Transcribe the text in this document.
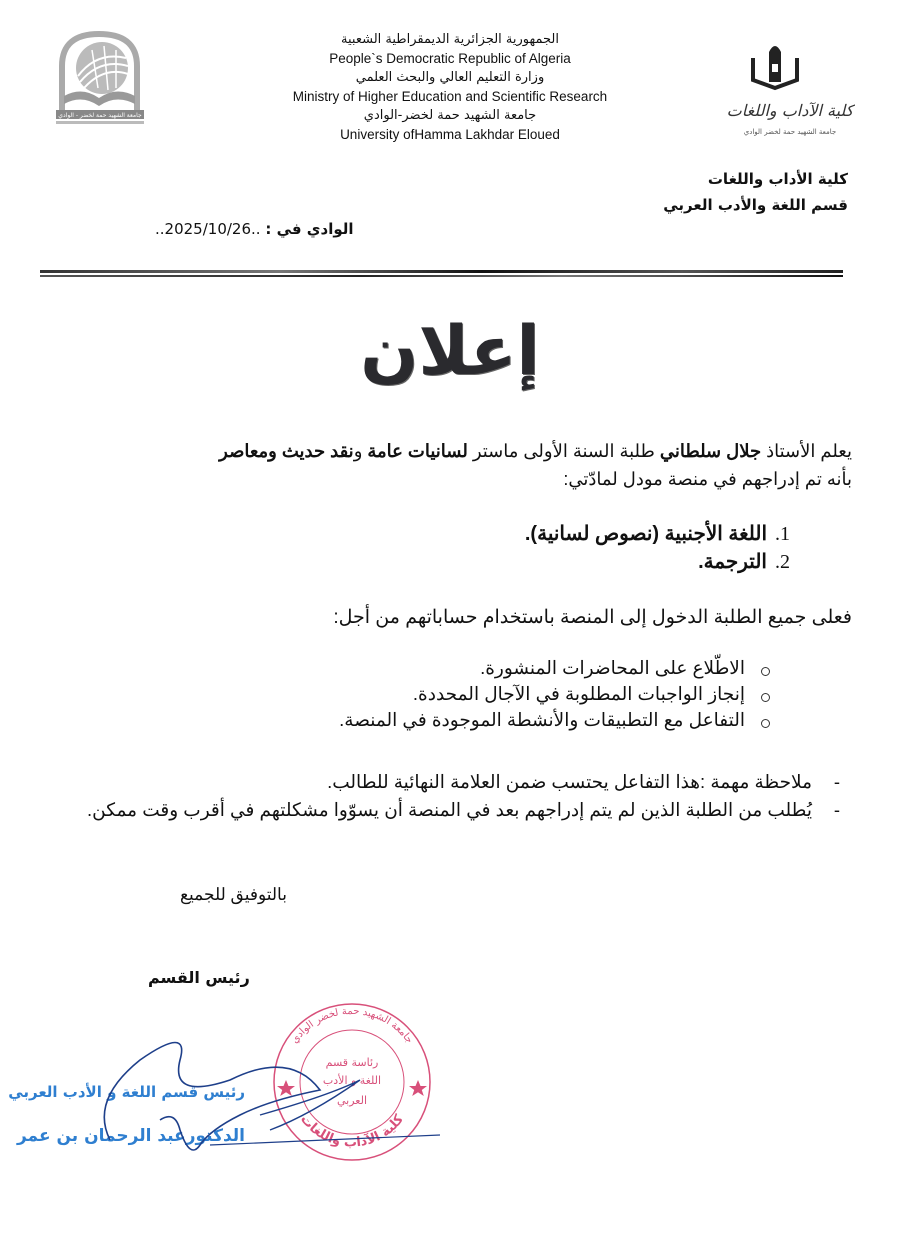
جامعة الشهيد حمة لخضر - الوادي
الجمهورية الجزائرية الديمقراطية الشعبية
People`s Democratic Republic of Algeria
وزارة التعليم العالي والبحث العلمي
Ministry of Higher Education and Scientific Research
جامعة الشهيد حمة لخضر-الوادي
University ofHamma Lakhdar Eloued
كلية الآداب واللغات
جامعة الشهيد حمة لخضر الوادي
كلية الأداب واللغات
قسم اللغة والأدب العربي
الوادي في : ..2025/10/26..
إعلان
يعلم الأستاذ جلال سلطاني طلبة السنة الأولى ماستر لسانيات عامة ونقد حديث ومعاصر
بأنه تم إدراجهم في منصة مودل لمادّتي:
1.اللغة الأجنبية (نصوص لسانية).
2.الترجمة.
فعلى جميع الطلبة الدخول إلى المنصة باستخدام حساباتهم من أجل:
الاطّلاع على المحاضرات المنشورة.
إنجاز الواجبات المطلوبة في الآجال المحددة.
التفاعل مع التطبيقات والأنشطة الموجودة في المنصة.
-
ملاحظة مهمة :هذا التفاعل يحتسب ضمن العلامة النهائية للطالب.
-
يُطلب من الطلبة الذين لم يتم إدراجهم بعد في المنصة أن يسوّوا مشكلتهم في أقرب وقت ممكن.
بالتوفيق للجميع
رئيس القسم
جامعة الشهيد حمة لخضر الوادي
كلية الآداب واللغات
رئاسة قسم
اللغة و الأدب
العربي
رئيس قسم اللغة و الأدب العربي
الدكتورعبد الرحمان بن عمر
